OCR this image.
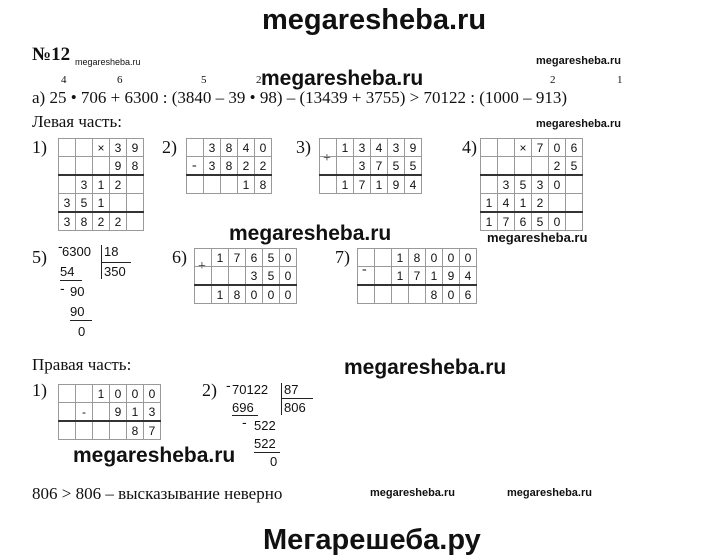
megaresheba.ru
megaresheba.ru
megaresheba.ru
megaresheba.ru
megaresheba.ru	megaresheba.ru
megaresheba.ru
megaresheba.ru
megaresheba.ru	megaresheba.ru
Мегарешеба.ру
№12 megaresheba.ru
4	6	5	2	2	1
а) 25 • 706 + 6300 : (3840 – 39 • 98) – (13439 + 3755) > 70122 : (1000 – 913)
Левая часть:
1)
			×	3	9
			9	8
	3	1	2	
3	5	1		
3	8	2	2	
2)
-
	3	8	4	0
	3	8	2	2
			1	8
3)
+
	1	3	4	3	9
		3	7	5	5
	1	7	1	9	4
4)
			×	7	0	6
				2	5
	3	5	3	0	
1	4	1	2		
1	7	6	5	0	
5)
- 6300 18
350
54
- 90
90
0
6) +
	1	7	6	5	0
			3	5	0
	1	8	0	0	0
7)
-
		1	8	0	0	0
		1	7	1	9	4
				8	0	6
Правая часть:
1)
			1	0	0	0
	-		9	1	3
				8	7
2) - 70122 87
806
696
- 522
522
0
806 > 806 – высказывание неверно
